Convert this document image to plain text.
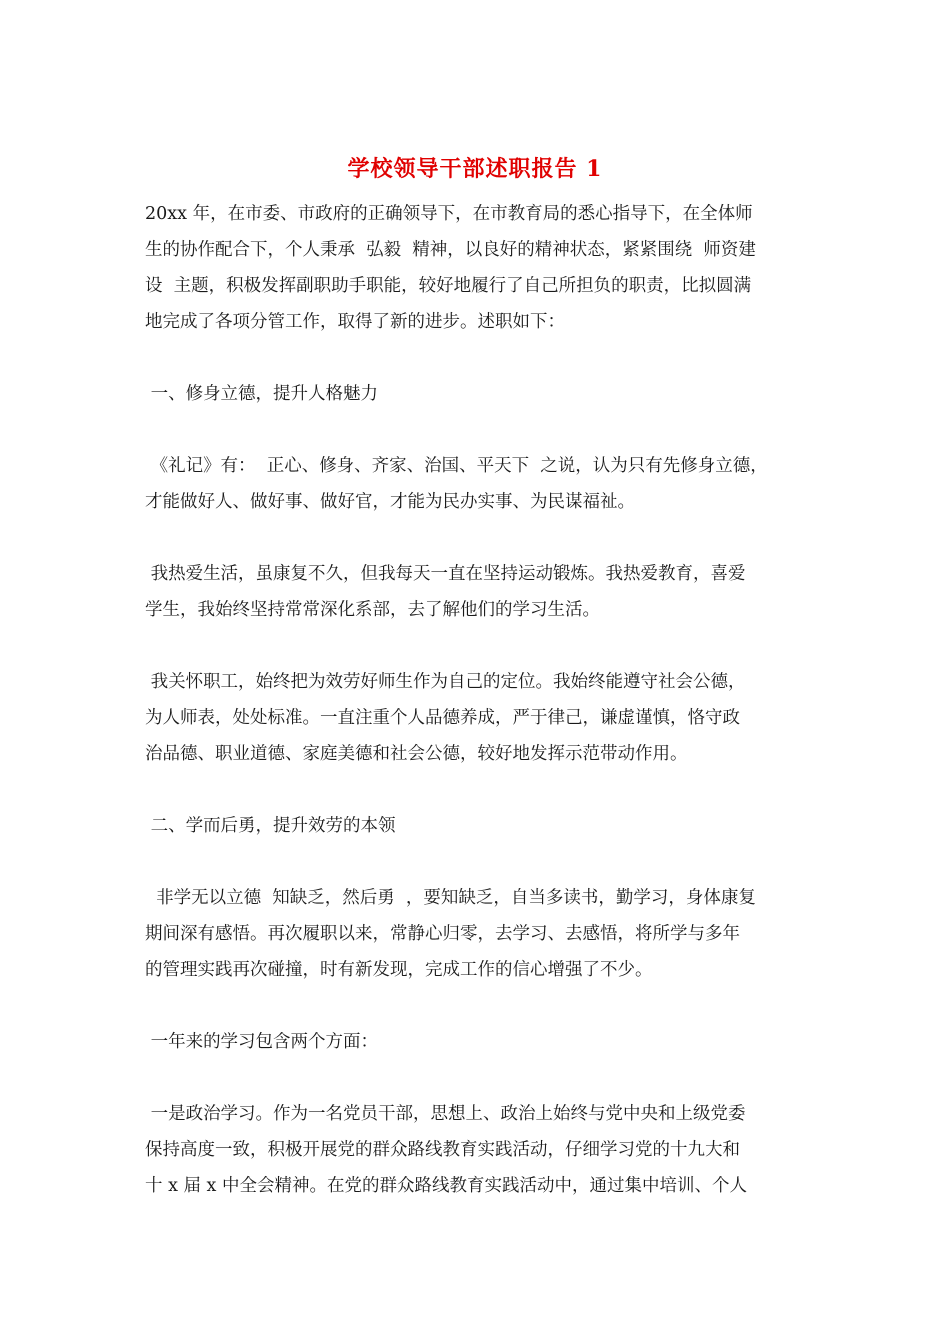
学校领导干部述职报告 1
20xx 年，在市委、市政府的正确领导下，在市教育局的悉心指导下，在全体师
生的协作配合下，个人秉承  弘毅  精神，以良好的精神状态，紧紧围绕  师资建
设  主题，积极发挥副职助手职能，较好地履行了自己所担负的职责，比拟圆满
地完成了各项分管工作，取得了新的进步。述职如下：
一、修身立德，提升人格魅力
《礼记》有：  正心、修身、齐家、治国、平天下  之说，认为只有先修身立德，
才能做好人、做好事、做好官，才能为民办实事、为民谋福祉。
我热爱生活，虽康复不久，但我每天一直在坚持运动锻炼。我热爱教育，喜爱
学生，我始终坚持常常深化系部，去了解他们的学习生活。
我关怀职工，始终把为效劳好师生作为自己的定位。我始终能遵守社会公德，
为人师表，处处标准。一直注重个人品德养成，严于律己，谦虚谨慎，恪守政
治品德、职业道德、家庭美德和社会公德，较好地发挥示范带动作用。
二、学而后勇，提升效劳的本领
非学无以立德  知缺乏，然后勇  ，要知缺乏，自当多读书，勤学习，身体康复
期间深有感悟。再次履职以来，常静心归零，去学习、去感悟，将所学与多年
的管理实践再次碰撞，时有新发现，完成工作的信心增强了不少。
一年来的学习包含两个方面：
一是政治学习。作为一名党员干部，思想上、政治上始终与党中央和上级党委
保持高度一致，积极开展党的群众路线教育实践活动，仔细学习党的十九大和
十 x 届 x 中全会精神。在党的群众路线教育实践活动中，通过集中培训、个人
